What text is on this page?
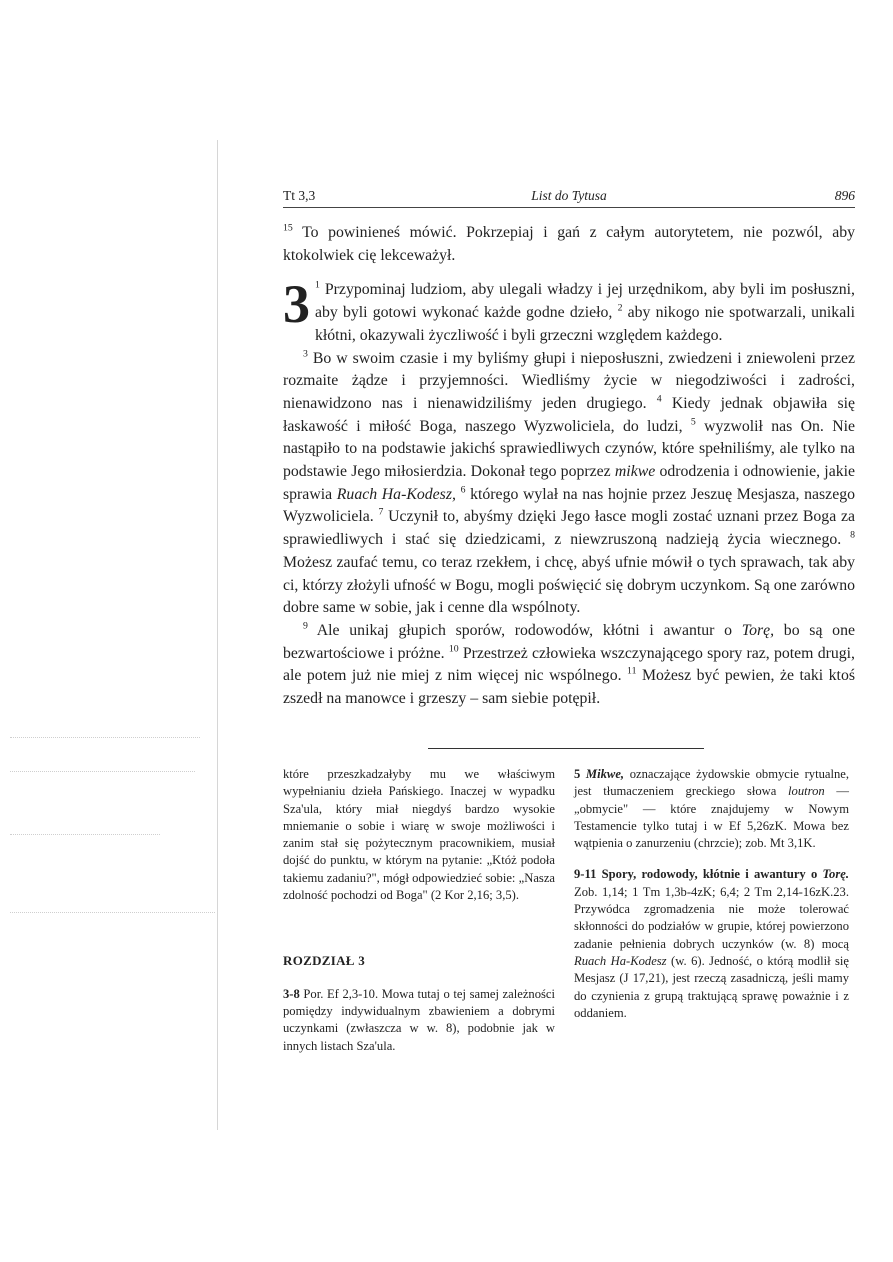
Tt 3,3	List do Tytusa	896

$^{15}$ To powinieneś mówić. Pokrzepiaj i gań z całym autorytetem, nie pozwól, aby ktokolwiek cię lekceważył.

3 $^1$ Przypominaj ludziom, aby ulegali władzy i jej urzędnikom, aby byli im posłuszni, aby byli gotowi wykonać każde godne dzieło, $^2$ aby nikogo nie spotwarzali, unikali kłótni, okazywali życzliwość i byli grzeczni względem każdego.

$^3$ Bo w swoim czasie i my byliśmy głupi i nieposłuszni, zwiedzeni i zniewoleni przez rozmaite żądze i przyjemności. Wiedliśmy życie w niegodziwości i zadrości, nienawidzono nas i nienawidziliśmy jeden drugiego. $^4$ Kiedy jednak objawiła się łaskawość i miłość Boga, naszego Wyzwoliciela, do ludzi, $^5$ wyzwolił nas On. Nie nastąpiło to na podstawie jakichś sprawiedliwych czynów, które spełniliśmy, ale tylko na podstawie Jego miłosierdzia. Dokonał tego poprzez mikwe odrodzenia i odnowienie, jakie sprawia Ruach Ha-Kodesz, $^6$ którego wylał na nas hojnie przez Jeszuę Mesjasza, naszego Wyzwoliciela. $^7$ Uczynił to, abyśmy dzięki Jego łasce mogli zostać uznani przez Boga za sprawiedliwych i stać się dziedzicami, z niewzruszoną nadzieją życia wiecznego. $^8$ Możesz zaufać temu, co teraz rzekłem, i chcę, abyś ufnie mówił o tych sprawach, tak aby ci, którzy złożyli ufność w Bogu, mogli poświęcić się dobrym uczynkom. Są one zarówno dobre same w sobie, jak i cenne dla wspólnoty.

$^9$ Ale unikaj głupich sporów, rodowodów, kłótni i awantur o Torę, bo są one bezwartościowe i próżne. $^{10}$ Przestrzeż człowieka wszczynającego spory raz, potem drugi, ale potem już nie miej z nim więcej nic wspólnego. $^{11}$ Możesz być pewien, że taki ktoś zszedł na manowce i grzeszy – sam siebie potępił.

które przeszkadzałyby mu we właściwym wypełnianiu dzieła Pańskiego. Inaczej w wypadku Sza'ula, który miał niegdyś bardzo wysokie mniemanie o sobie i wiarę w swoje możliwości i zanim stał się pożytecznym pracownikiem, musiał dojść do punktu, w którym na pytanie: „Któż podoła takiemu zadaniu?", mógł odpowiedzieć sobie: „Nasza zdolność pochodzi od Boga" (2 Kor 2,16; 3,5).

ROZDZIAŁ 3

3-8 Por. Ef 2,3-10. Mowa tutaj o tej samej zależności pomiędzy indywidualnym zbawieniem a dobrymi uczynkami (zwłaszcza w w. 8), podobnie jak w innych listach Sza'ula.

5 Mikwe, oznaczające żydowskie obmycie rytualne, jest tłumaczeniem greckiego słowa loutron — „obmycie" — które znajdujemy w Nowym Testamencie tylko tutaj i w Ef 5,26zK. Mowa bez wątpienia o zanurzeniu (chrzcie); zob. Mt 3,1K.

9-11 Spory, rodowody, kłótnie i awantury o Torę. Zob. 1,14; 1 Tm 1,3b-4zK; 6,4; 2 Tm 2,14-16zK.23. Przywódca zgromadzenia nie może tolerować skłonności do podziałów w grupie, której powierzono zadanie pełnienia dobrych uczynków (w. 8) mocą Ruach Ha-Kodesz (w. 6). Jedność, o którą modlił się Mesjasz (J 17,21), jest rzeczą zasadniczą, jeśli mamy do czynienia z grupą traktującą sprawę poważnie i z oddaniem.
